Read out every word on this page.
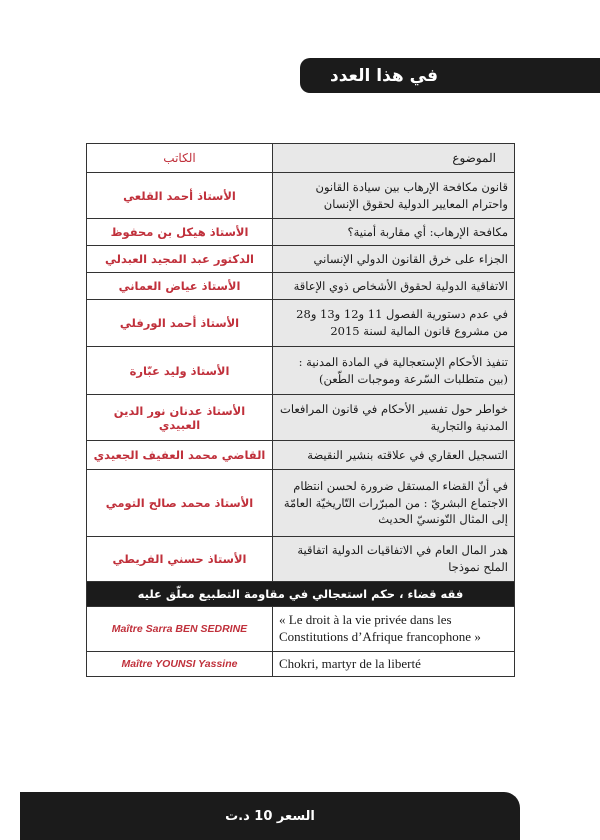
في هذا العدد
الموضوع	الكاتب
قانون مكافحة الإرهاب بين سيادة القانون واحترام المعايير الدولية لحقوق الإنسان	الأستاذ أحمد القلعي
مكافحة الإرهاب: أي مقاربة أمنية؟	الأستاذ هيكل بن محفوظ
الجزاء على خرق القانون الدولي الإنساني	الدكتور عبد المجيد العبدلي
الاتفاقية الدولية لحقوق الأشخاص ذوي الإعاقة	الأستاذ عياض العماني
في عدم دستورية الفصول 11 و12 و13 و28 من مشروع قانون المالية لسنة 2015	الأستاذ أحمد الورفلي
تنفيذ الأحكام الإستعجالية في المادة المدنية : (بين متطلبات السّرعة وموجبات الطّعن)	الأستاذ وليد عبّارة
خواطر حول تفسير الأحكام في قانون المرافعات المدنية والتجارية	الأستاذ عدنان نور الدين العبيدي
التسجيل العقاري في علاقته بنشير النقيضة	القاضي محمد العفيف الجعيدي
في أنّ القضاء المستقل ضرورة لحسن انتظام الاجتماع البشريّ : من المبرّرات التّاريخيّة العامّة إلى المثال التّونسيّ الحديث	الأستاذ محمد صالح التومي
هدر المال العام في الاتفاقيات الدولية اتفاقية الملح نموذجا	الأستاذ حسني الفريطي
فقه قضاء ، حكم استعجالي في مقاومة التطبيع معلّق عليه	
« Le droit à la vie privée dans les Constitutions d’Afrique francophone »	Maître Sarra BEN SEDRINE
Chokri, martyr de la liberté	Maître YOUNSI Yassine
السعر 10 د.ت
